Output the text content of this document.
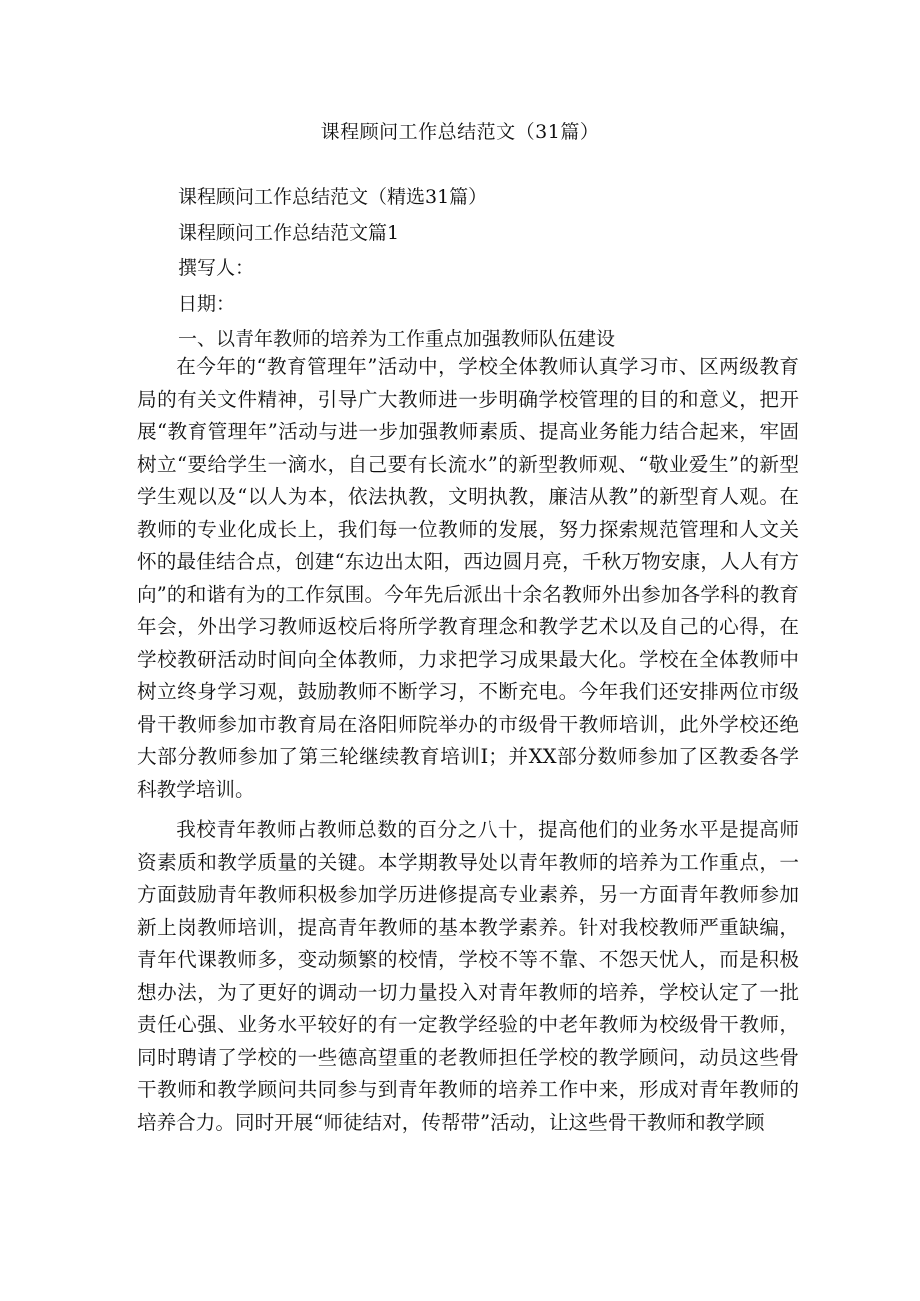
课程顾问工作总结范文（31篇）
课程顾问工作总结范文（精选31篇）
课程顾问工作总结范文篇1
撰写人：
日期：
一、以青年教师的培养为工作重点加强教师队伍建设

在今年的“教育管理年”活动中，学校全体教师认真学习市、区两级教育局的有关文件精神，引导广大教师进一步明确学校管理的目的和意义，把开展“教育管理年”活动与进一步加强教师素质、提高业务能力结合起来，牢固树立“要给学生一滴水，自己要有长流水”的新型教师观、“敬业爱生”的新型学生观以及“以人为本，依法执教，文明执教，廉洁从教”的新型育人观。在教师的专业化成长上，我们每一位教师的发展，努力探索规范管理和人文关怀的最佳结合点，创建“东边出太阳，西边圆月亮，千秋万物安康，人人有方向”的和谐有为的工作氛围。今年先后派出十余名教师外出参加各学科的教育年会，外出学习教师返校后将所学教育理念和教学艺术以及自己的心得，在学校教研活动时间向全体教师，力求把学习成果最大化。学校在全体教师中树立终身学习观，鼓励教师不断学习，不断充电。今年我们还安排两位市级骨干教师参加市教育局在洛阳师院举办的市级骨干教师培训，此外学校还绝大部分教师参加了第三轮继续教育培训I；并XX部分数师参加了区教委各学科教学培训。

我校青年教师占教师总数的百分之八十，提高他们的业务水平是提高师资素质和教学质量的关键。本学期教导处以青年教师的培养为工作重点，一方面鼓励青年教师积极参加学历进修提高专业素养，另一方面青年教师参加新上岗教师培训，提高青年教师的基本教学素养。针对我校教师严重缺编，青年代课教师多，变动频繁的校情，学校不等不靠、不怨天忧人，而是积极想办法，为了更好的调动一切力量投入对青年教师的培养，学校认定了一批责任心强、业务水平较好的有一定教学经验的中老年教师为校级骨干教师，同时聘请了学校的一些德高望重的老教师担任学校的教学顾问，动员这些骨干教师和教学顾问共同参与到青年教师的培养工作中来，形成对青年教师的培养合力。同时开展“师徒结对，传帮带”活动，让这些骨干教师和教学顾
